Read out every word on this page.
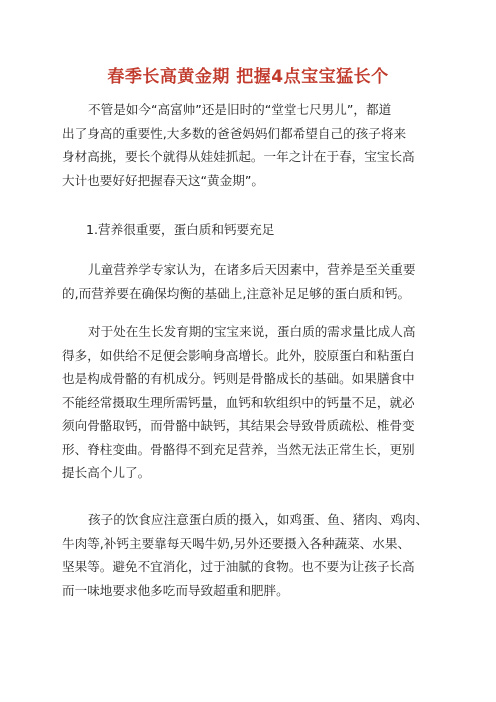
春季长高黄金期 把握4点宝宝猛长个
不管是如今“高富帅”还是旧时的“堂堂七尺男儿”，都道
出了身高的重要性,大多数的爸爸妈妈们都希望自己的孩子将来
身材高挑，要长个就得从娃娃抓起。一年之计在于春，宝宝长高
大计也要好好把握春天这“黄金期”。
1.营养很重要，蛋白质和钙要充足
儿童营养学专家认为，在诸多后天因素中，营养是至关重要
的,而营养要在确保均衡的基础上,注意补足足够的蛋白质和钙。
对于处在生长发育期的宝宝来说，蛋白质的需求量比成人高
得多，如供给不足便会影响身高增长。此外，胶原蛋白和粘蛋白
也是构成骨骼的有机成分。钙则是骨骼成长的基础。如果膳食中
不能经常摄取生理所需钙量，血钙和软组织中的钙量不足，就必
须向骨骼取钙，而骨骼中缺钙，其结果会导致骨质疏松、椎骨变
形、脊柱变曲。骨骼得不到充足营养，当然无法正常生长，更别
提长高个儿了。
孩子的饮食应注意蛋白质的摄入，如鸡蛋、鱼、猪肉、鸡肉、
牛肉等,补钙主要靠每天喝牛奶,另外还要摄入各种蔬菜、水果、
坚果等。避免不宜消化，过于油腻的食物。也不要为让孩子长高
而一味地要求他多吃而导致超重和肥胖。
